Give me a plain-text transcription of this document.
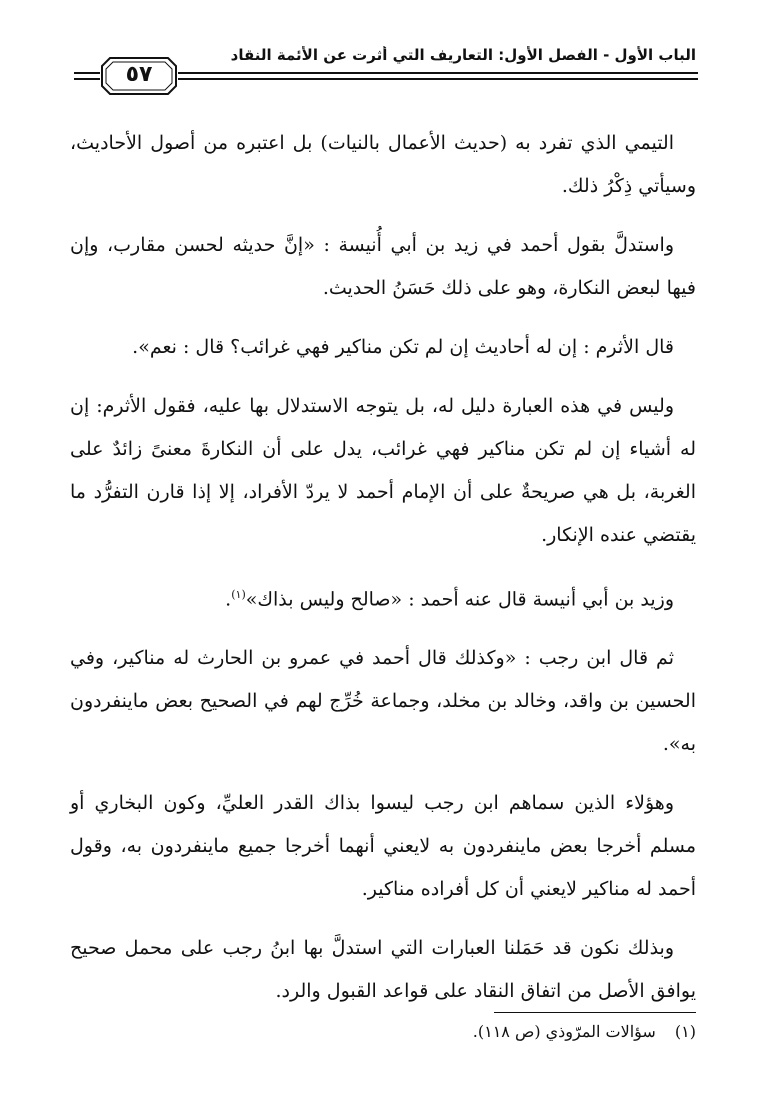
الباب الأول - الفصل الأول: التعاريف التي أثرت عن الأئمة النقاد
٥٧

التيمي الذي تفرد به (حديث الأعمال بالنيات) بل اعتبره من أصول الأحاديث، وسيأتي ذِكْرُ ذلك.

واستدلَّ بقول أحمد في زيد بن أبي أُنيسة : «إنَّ حديثه لحسن مقارب، وإن فيها لبعض النكارة، وهو على ذلك حَسَنُ الحديث.

قال الأثرم : إن له أحاديث إن لم تكن مناكير فهي غرائب؟ قال : نعم».

وليس في هذه العبارة دليل له، بل يتوجه الاستدلال بها عليه، فقول الأثرم: إن له أشياء إن لم تكن مناكير فهي غرائب، يدل على أن النكارةَ معنىً زائدٌ على الغربة، بل هي صريحةٌ على أن الإمام أحمد لا يردّ الأفراد، إلا إذا قارن التفرُّد ما يقتضي عنده الإنكار.

وزيد بن أبي أنيسة قال عنه أحمد : «صالح وليس بذاك»$^{(١)}$.

ثم قال ابن رجب : «وكذلك قال أحمد في عمرو بن الحارث له مناكير، وفي الحسين بن واقد، وخالد بن مخلد، وجماعة خُرِّج لهم في الصحيح بعض ماينفردون به».

وهؤلاء الذين سماهم ابن رجب ليسوا بذاك القدر العليِّ، وكون البخاري أو مسلم أخرجا بعض ماينفردون به لايعني أنهما أخرجا جميع ماينفردون به، وقول أحمد له مناكير لايعني أن كل أفراده مناكير.

وبذلك نكون قد حَمَلنا العبارات التي استدلَّ بها ابنُ رجب على محمل صحيح يوافق الأصل من اتفاق النقاد على قواعد القبول والرد.

(١) سؤالات المرّوذي (ص ١١٨).
